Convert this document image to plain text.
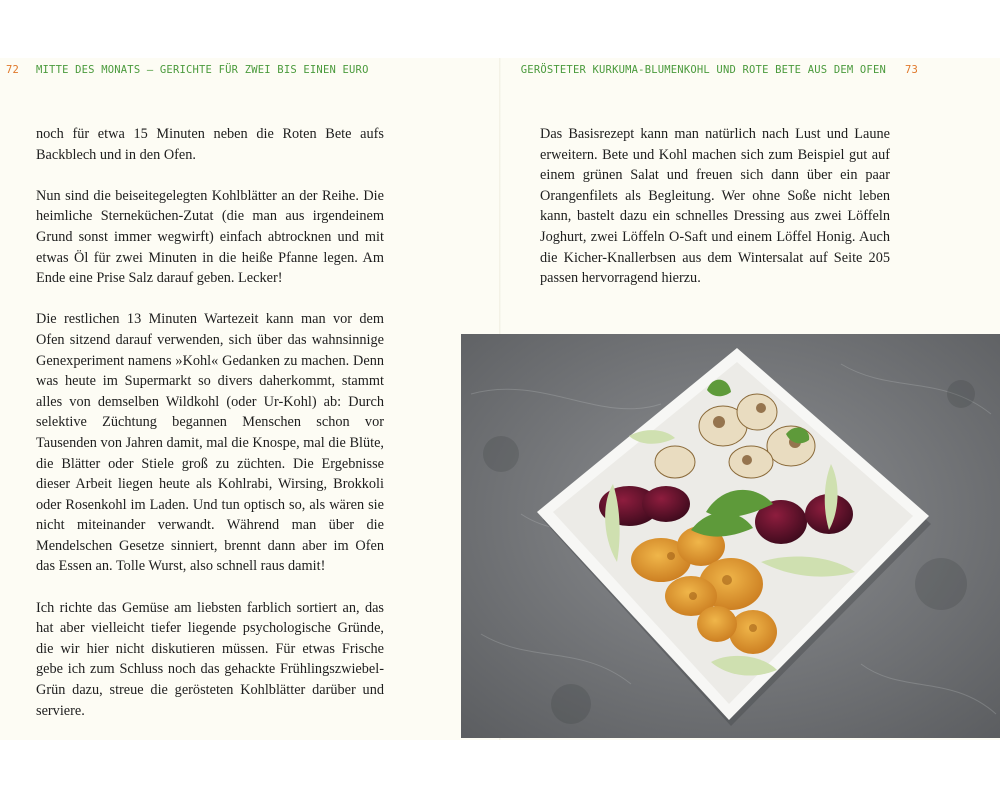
72 MITTE DES MONATS – GERICHTE FÜR ZWEI BIS EINEN EURO	GERÖSTETER KURKUMA-BLUMENKOHL UND ROTE BETE AUS DEM OFEN 73

noch für etwa 15 Minuten neben die Roten Bete aufs Backblech und in den Ofen.

Nun sind die beiseitegelegten Kohlblätter an der Reihe. Die heimliche Sterneküchen-Zutat (die man aus irgendeinem Grund sonst immer wegwirft) einfach abtrocknen und mit etwas Öl für zwei Minuten in die heiße Pfanne legen. Am Ende eine Prise Salz darauf geben. Lecker!

Die restlichen 13 Minuten Wartezeit kann man vor dem Ofen sitzend darauf verwenden, sich über das wahnsinnige Genexperiment namens »Kohl« Gedanken zu machen. Denn was heute im Supermarkt so divers daherkommt, stammt alles von demselben Wildkohl (oder Ur-Kohl) ab: Durch selektive Züchtung begannen Menschen schon vor Tausenden von Jahren damit, mal die Knospe, mal die Blüte, die Blätter oder Stiele groß zu züchten. Die Ergebnisse dieser Arbeit liegen heute als Kohlrabi, Wirsing, Brokkoli oder Rosenkohl im Laden. Und tun optisch so, als wären sie nicht miteinander verwandt. Während man über die Mendelschen Gesetze sinniert, brennt dann aber im Ofen das Essen an. Tolle Wurst, also schnell raus damit!

Ich richte das Gemüse am liebsten farblich sortiert an, das hat aber vielleicht tiefer liegende psychologische Gründe, die wir hier nicht diskutieren müssen. Für etwas Frische gebe ich zum Schluss noch das gehackte Frühlingszwiebel-Grün dazu, streue die gerösteten Kohlblätter darüber und serviere.

Das Basisrezept kann man natürlich nach Lust und Laune erweitern. Bete und Kohl machen sich zum Beispiel gut auf einem grünen Salat und freuen sich dann über ein paar Orangenfilets als Begleitung. Wer ohne Soße nicht leben kann, bastelt dazu ein schnelles Dressing aus zwei Löffeln Joghurt, zwei Löffeln O-Saft und einem Löffel Honig. Auch die Kicher-Knallerbsen aus dem Wintersalat auf Seite 205 passen hervorragend hierzu.
